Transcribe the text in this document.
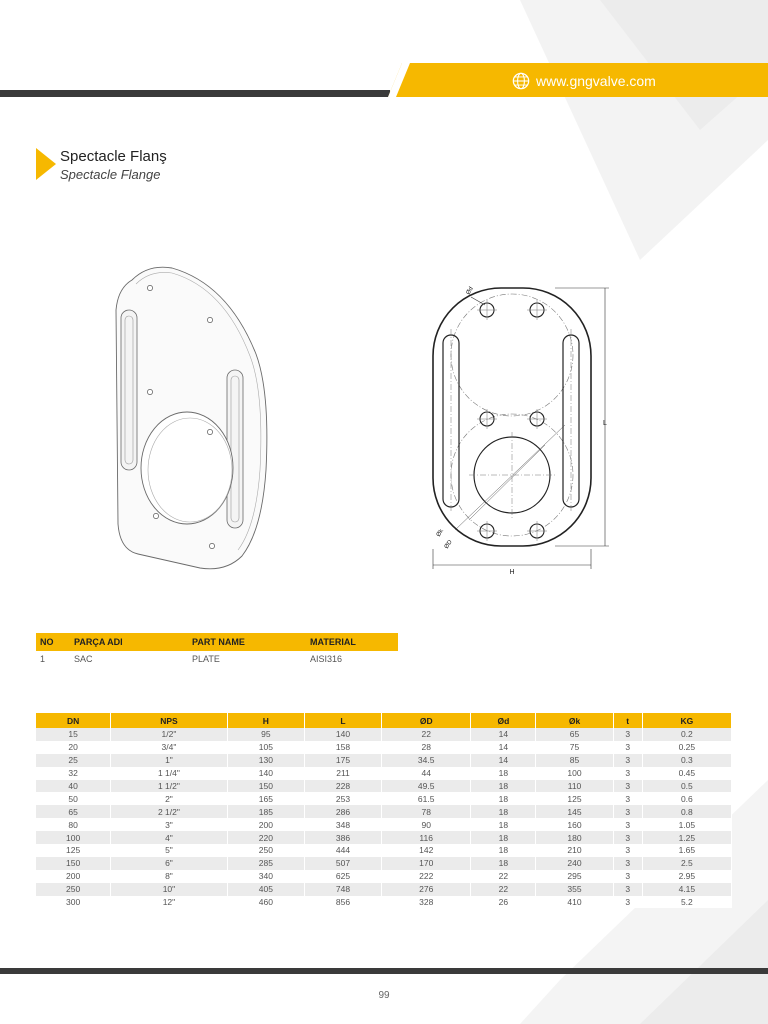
www.gngvalve.com
Spectacle Flanş
Spectacle Flange
L
H
Ød
Øk
ØD
NO	PARÇA ADI	PART NAME	MATERIAL
1	SAC	PLATE	AISI316
DN	NPS	H	L	ØD	Ød	Øk	t	KG
15	1/2"	95	140	22	14	65	3	0.2
20	3/4"	105	158	28	14	75	3	0.25
25	1"	130	175	34.5	14	85	3	0.3
32	1 1/4"	140	211	44	18	100	3	0.45
40	1 1/2"	150	228	49.5	18	110	3	0.5
50	2"	165	253	61.5	18	125	3	0.6
65	2 1/2"	185	286	78	18	145	3	0.8
80	3"	200	348	90	18	160	3	1.05
100	4"	220	386	116	18	180	3	1.25
125	5"	250	444	142	18	210	3	1.65
150	6"	285	507	170	18	240	3	2.5
200	8"	340	625	222	22	295	3	2.95
250	10"	405	748	276	22	355	3	4.15
300	12"	460	856	328	26	410	3	5.2
99
